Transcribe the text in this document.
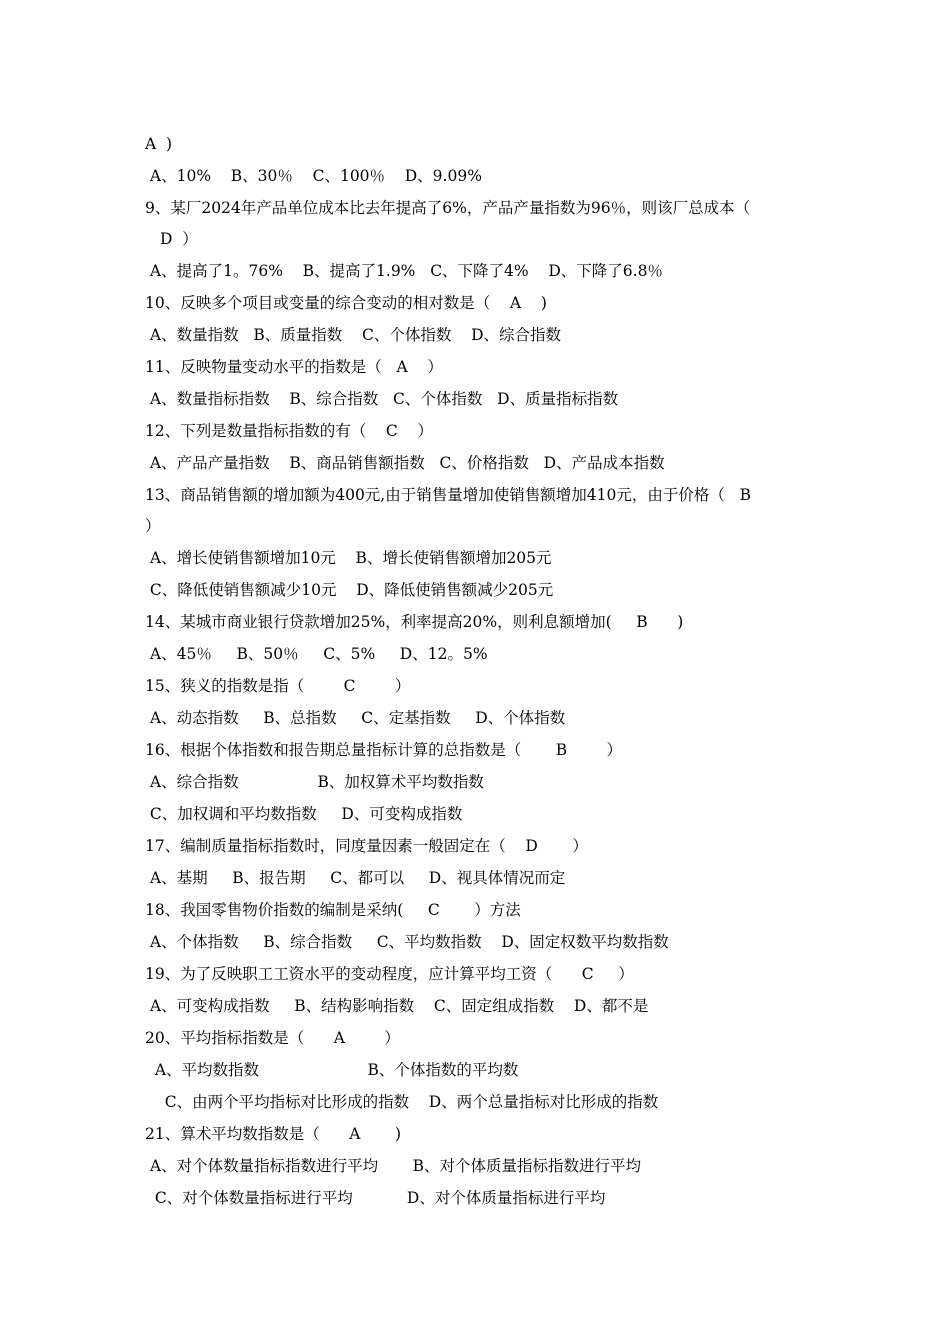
A  )
A、10%    B、30％    C、100％    D、9.09%
9、某厂2024年产品单位成本比去年提高了6%，产品产量指数为96％，则该厂总成本（
D  ）
A、提高了1。76%    B、提高了1.9%   C、下降了4%    D、下降了6.8％
10、反映多个项目或变量的综合变动的相对数是（    A    )
A、数量指数   B、质量指数    C、个体指数    D、综合指数
11、反映物量变动水平的指数是（   A    ）
A、数量指标指数    B、综合指数   C、个体指数   D、质量指标指数
12、下列是数量指标指数的有（    C    ）
A、产品产量指数    B、商品销售额指数   C、价格指数   D、产品成本指数
13、商品销售额的增加额为400元,由于销售量增加使销售额增加410元，由于价格（   B
）
A、增长使销售额增加10元    B、增长使销售额增加205元
C、降低使销售额减少10元    D、降低使销售额减少205元
14、某城市商业银行贷款增加25%，利率提高20%，则利息额增加(     B      )
A、45％     B、50％     C、5%     D、12。5%
15、狭义的指数是指（        C        ）
A、动态指数     B、总指数     C、定基指数     D、个体指数
16、根据个体指数和报告期总量指标计算的总指数是（       B        ）
A、综合指数                B、加权算术平均数指数
C、加权调和平均数指数     D、可变构成指数
17、编制质量指标指数时，同度量因素一般固定在（    D       ）
A、基期     B、报告期     C、都可以     D、视具体情况而定
18、我国零售物价指数的编制是采纳(     C       ）方法
A、个体指数     B、综合指数     C、平均数指数    D、固定权数平均数指数
19、为了反映职工工资水平的变动程度，应计算平均工资（      C     ）
A、可变构成指数     B、结构影响指数    C、固定组成指数    D、都不是
20、平均指标指数是（      A        ）
A、平均数指数                      B、个体指数的平均数
C、由两个平均指标对比形成的指数    D、两个总量指标对比形成的指数
21、算术平均数指数是（      A       )
A、对个体数量指标指数进行平均       B、对个体质量指标指数进行平均
C、对个体数量指标进行平均           D、对个体质量指标进行平均
